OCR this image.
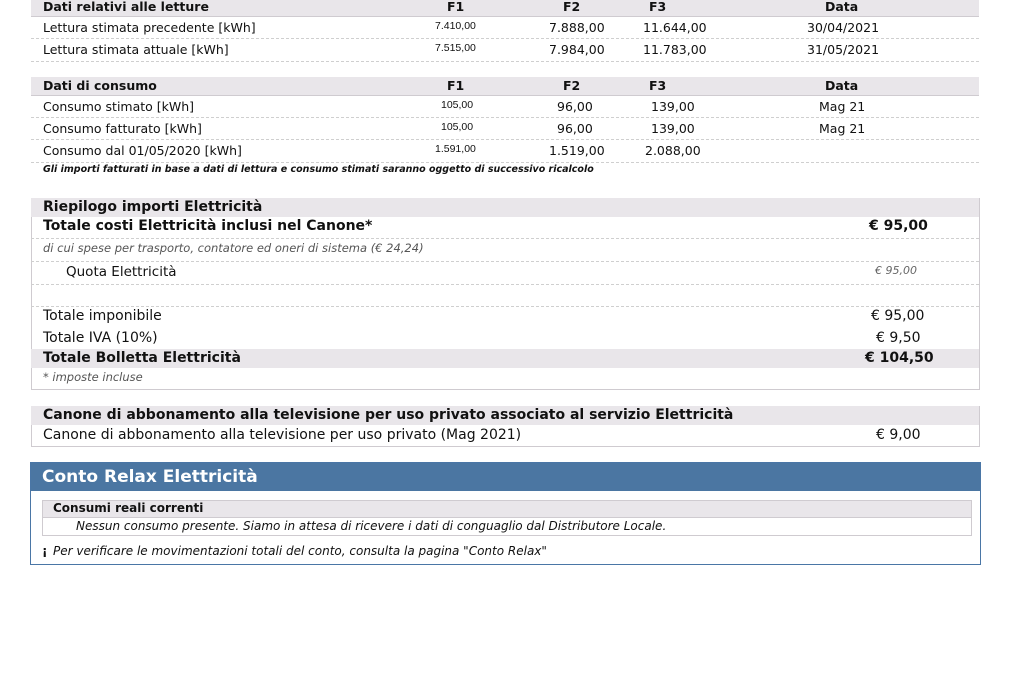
Dati relativi alle letture	F1	F2	F3	Data
Lettura stimata precedente [kWh]	7.410,00	7.888,00	11.644,00	30/04/2021
Lettura stimata attuale [kWh]	7.515,00	7.984,00	11.783,00	31/05/2021
Dati di consumo	F1	F2	F3	Data
Consumo stimato [kWh]	105,00	96,00	139,00	Mag 21
Consumo fatturato [kWh]	105,00	96,00	139,00	Mag 21
Consumo dal 01/05/2020 [kWh]	1.591,00	1.519,00	2.088,00
Gli importi fatturati in base a dati di lettura e consumo stimati saranno oggetto di successivo ricalcolo
Riepilogo importi Elettricità
Totale costi Elettricità inclusi nel Canone*	€ 95,00
di cui spese per trasporto, contatore ed oneri di sistema (€ 24,24)
Quota Elettricità	€ 95,00
Totale imponibile	€ 95,00
Totale IVA (10%)	€ 9,50
Totale Bolletta Elettricità	€ 104,50
* imposte incluse
Canone di abbonamento alla televisione per uso privato associato al servizio Elettricità
Canone di abbonamento alla televisione per uso privato (Mag 2021)	€ 9,00
Conto Relax Elettricità
Consumi reali correnti
Nessun consumo presente. Siamo in attesa di ricevere i dati di conguaglio dal Distributore Locale.
¡ Per verificare le movimentazioni totali del conto, consulta la pagina "Conto Relax"
